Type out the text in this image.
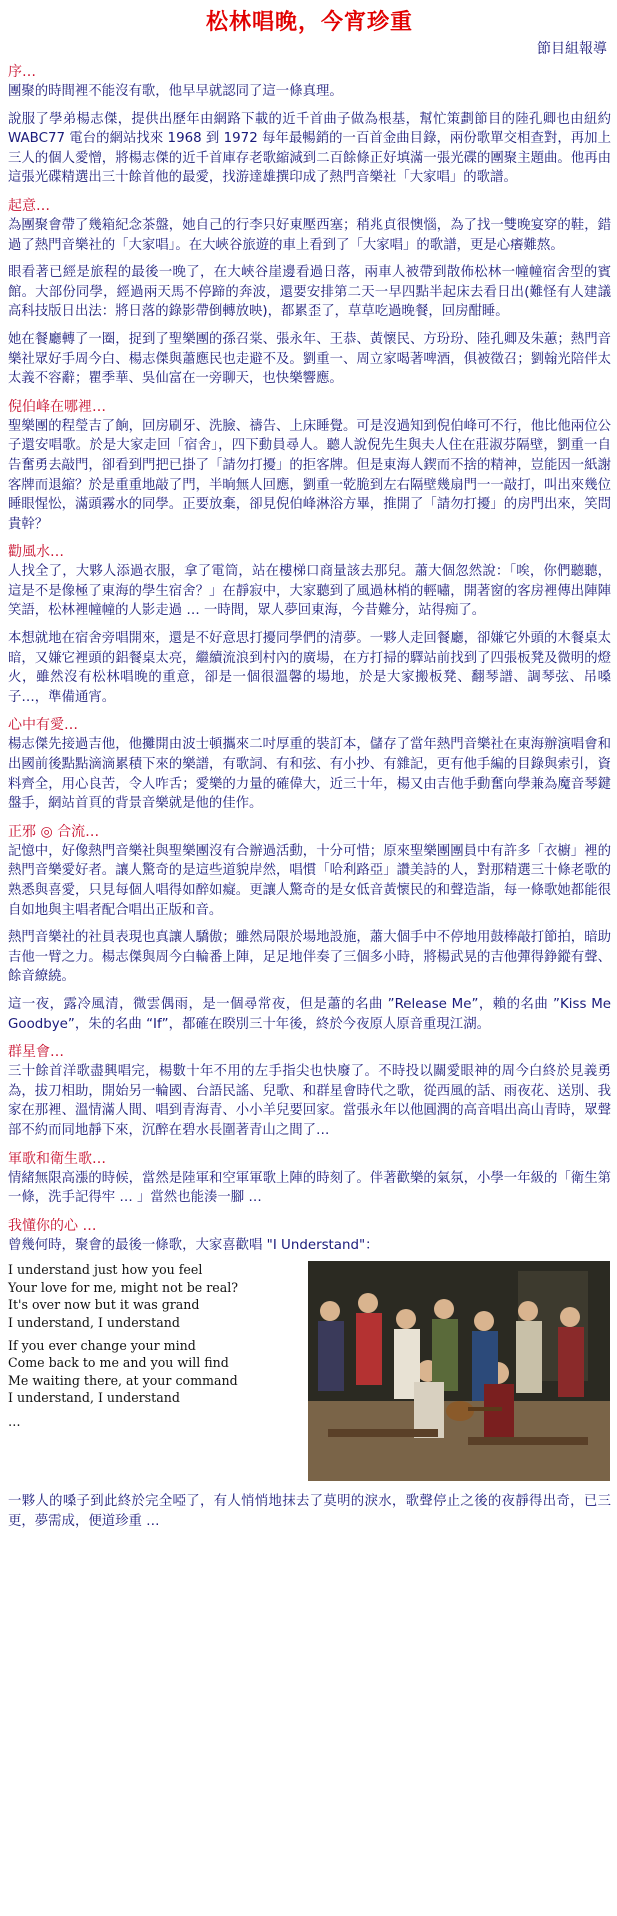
松林唱晚，今宵珍重
節目組報導
序…

團聚的時間裡不能沒有歌，他早早就認同了這一條真理。

說服了學弟楊志傑，提供出歷年由網路下載的近千首曲子做為根基，幫忙策劃節目的陸孔卿也由紐約 WABC77 電台的網站找來 1968 到 1972 每年最暢銷的一百首金曲目錄，兩份歌單交相查對，再加上三人的個人愛憎，將楊志傑的近千首庫存老歌縮減到二百餘條正好填滿一張光碟的團聚主題曲。他再由這張光碟精選出三十餘首他的最愛，找游達雄撰印成了熱門音樂社「大家唱」的歌譜。

起意…

為團聚會帶了幾箱紀念茶盤，她自己的行李只好東壓西塞；稍兆貞很懊惱，為了找一雙晚宴穿的鞋，錯過了熱門音樂社的「大家唱」。在大峽谷旅遊的車上看到了「大家唱」的歌譜，更是心癢難熬。

眼看著已經是旅程的最後一晚了，在大峽谷崖邊看過日落，兩車人被帶到散佈松林一幢幢宿舍型的賓館。大部份同學，經過兩天馬不停蹄的奔波，還要安排第二天一早四點半起床去看日出(難怪有人建議高科技版日出法：將日落的錄影帶倒轉放映)，都累歪了，草草吃過晚餐，回房酣睡。

她在餐廳轉了一圈，捉到了聖樂團的孫召棠、張永年、王恭、黃懷民、方玢玢、陸孔卿及朱蕙；熱門音樂社眾好手周今白、楊志傑與蕭應民也走避不及。劉重一、周立家喝著啤酒，俱被徵召；劉翰光陪伴太太義不容辭；瞿季華、吳仙富在一旁聊天，也快樂響應。

倪伯峰在哪裡…

聖樂團的程瑩吉了餉，回房刷牙、洗臉、禱告、上床睡覺。可是沒過知到倪伯峰可不行，他比他兩位公子還安唱歌。於是大家走回「宿舍」，四下動員尋人。聽人說倪先生與夫人住在莊淑芬隔壁，劉重一自告奮勇去敲門，卻看到門把已掛了「請勿打擾」的拒客牌。但是東海人鍥而不捨的精神，豈能因一紙謝客牌而退縮？於是重重地敲了門，半晌無人回應，劉重一乾脆到左右隔壁幾扇門一一敲打，叫出來幾位睡眼惺忪，滿頭霧水的同學。正要放棄，卻見倪伯峰淋浴方畢，推開了「請勿打擾」的房門出來，笑問貴幹？

勸風水…

人找全了，大夥人添過衣服，拿了電筒，站在樓梯口商量該去那兒。蕭大個忽然說：「唉，你們聽聽，這是不是像極了東海的學生宿舍？」在靜寂中，大家聽到了風過林梢的輕嘯，開著窗的客房裡傳出陣陣笑語，松林裡幢幢的人影走過 … 一時間，眾人夢回東海，今昔難分，站得痴了。

本想就地在宿舍旁唱開來，還是不好意思打擾同學們的清夢。一夥人走回餐廳，卻嫌它外頭的木餐桌太暗，又嫌它裡頭的鋁餐桌太亮，繼續流浪到村內的廣場，在方打掃的驛站前找到了四張板凳及微明的燈火，雖然沒有松林唱晚的重意，卻是一個很溫馨的場地，於是大家搬板凳、翻琴譜、調琴弦、吊嗓子…，準備通宵。

心中有愛…

楊志傑先接過吉他，他攤開由波士頓攜來二吋厚重的裝訂本，儲存了當年熱門音樂社在東海辦演唱會和出國前後點點滴滴累積下來的樂譜，有歌詞、有和弦、有小抄、有雜記，更有他手編的目錄與索引，資料齊全，用心良苦，令人咋舌；愛樂的力量的確偉大，近三十年，楊又由吉他手動奮向學兼為魔音琴鍵盤手，網站首頁的背景音樂就是他的佳作。

正邪 ◎ 合流…

記憶中，好像熱門音樂社與聖樂團沒有合辦過活動，十分可惜；原來聖樂團團員中有許多「衣櫥」裡的熱門音樂愛好者。讓人驚奇的是這些道貌岸然，唱慣「哈利路亞」讚美詩的人，對那精選三十條老歌的熟悉與喜愛，只見每個人唱得如醉如癡。更讓人驚奇的是女低音黃懷民的和聲造詣，每一條歌她都能很自如地與主唱者配合唱出正版和音。

熱門音樂社的社員表現也真讓人驕傲；雖然局限於場地設施，蕭大個手中不停地用鼓棒敲打節拍，暗助吉他一臂之力。楊志傑與周今白輪番上陣，足足地伴奏了三個多小時，將楊武晃的吉他彈得錚鏦有聲、餘音繚繞。

這一夜，露冷風清，微雲偶雨，是一個尋常夜，但是蕭的名曲 ”Release Me”，賴的名曲 ”Kiss Me Goodbye”，朱的名曲 “If”，都確在睽別三十年後，終於今夜原人原音重現江湖。

群星會…

三十餘首洋歌盡興唱完，楊數十年不用的左手指尖也快廢了。不時投以關愛眼神的周今白終於見義勇為，拔刀相助，開始另一輪國、台語民謠、兒歌、和群星會時代之歌，從西風的話、雨夜花、送別、我家在那裡、溫情滿人間、唱到青海青、小小羊兒要回家。當張永年以他圓潤的高音唱出高山青時，眾聲部不約而同地靜下來，沉醉在碧水長圍著青山之間了…

軍歌和衛生歌…

情緒無限高漲的時候，當然是陸軍和空軍軍歌上陣的時刻了。伴著歡樂的氣氛，小學一年級的「衛生第一條，洗手記得牢 … 」當然也能湊一腳 …

我懂你的心 …

曾幾何時，聚會的最後一條歌，大家喜歡唱 "I Understand"：

I understand just how you feel
Your love for me, might not be real?
It's over now but it was grand
I understand, I understand
If you ever change your mind
Come back to me and you will find
Me waiting there, at your command
I understand, I understand
…

一夥人的嗓子到此終於完全啞了，有人悄悄地抹去了莫明的淚水，歌聲停止之後的夜靜得出奇，已三更，夢需成，便道珍重 …
